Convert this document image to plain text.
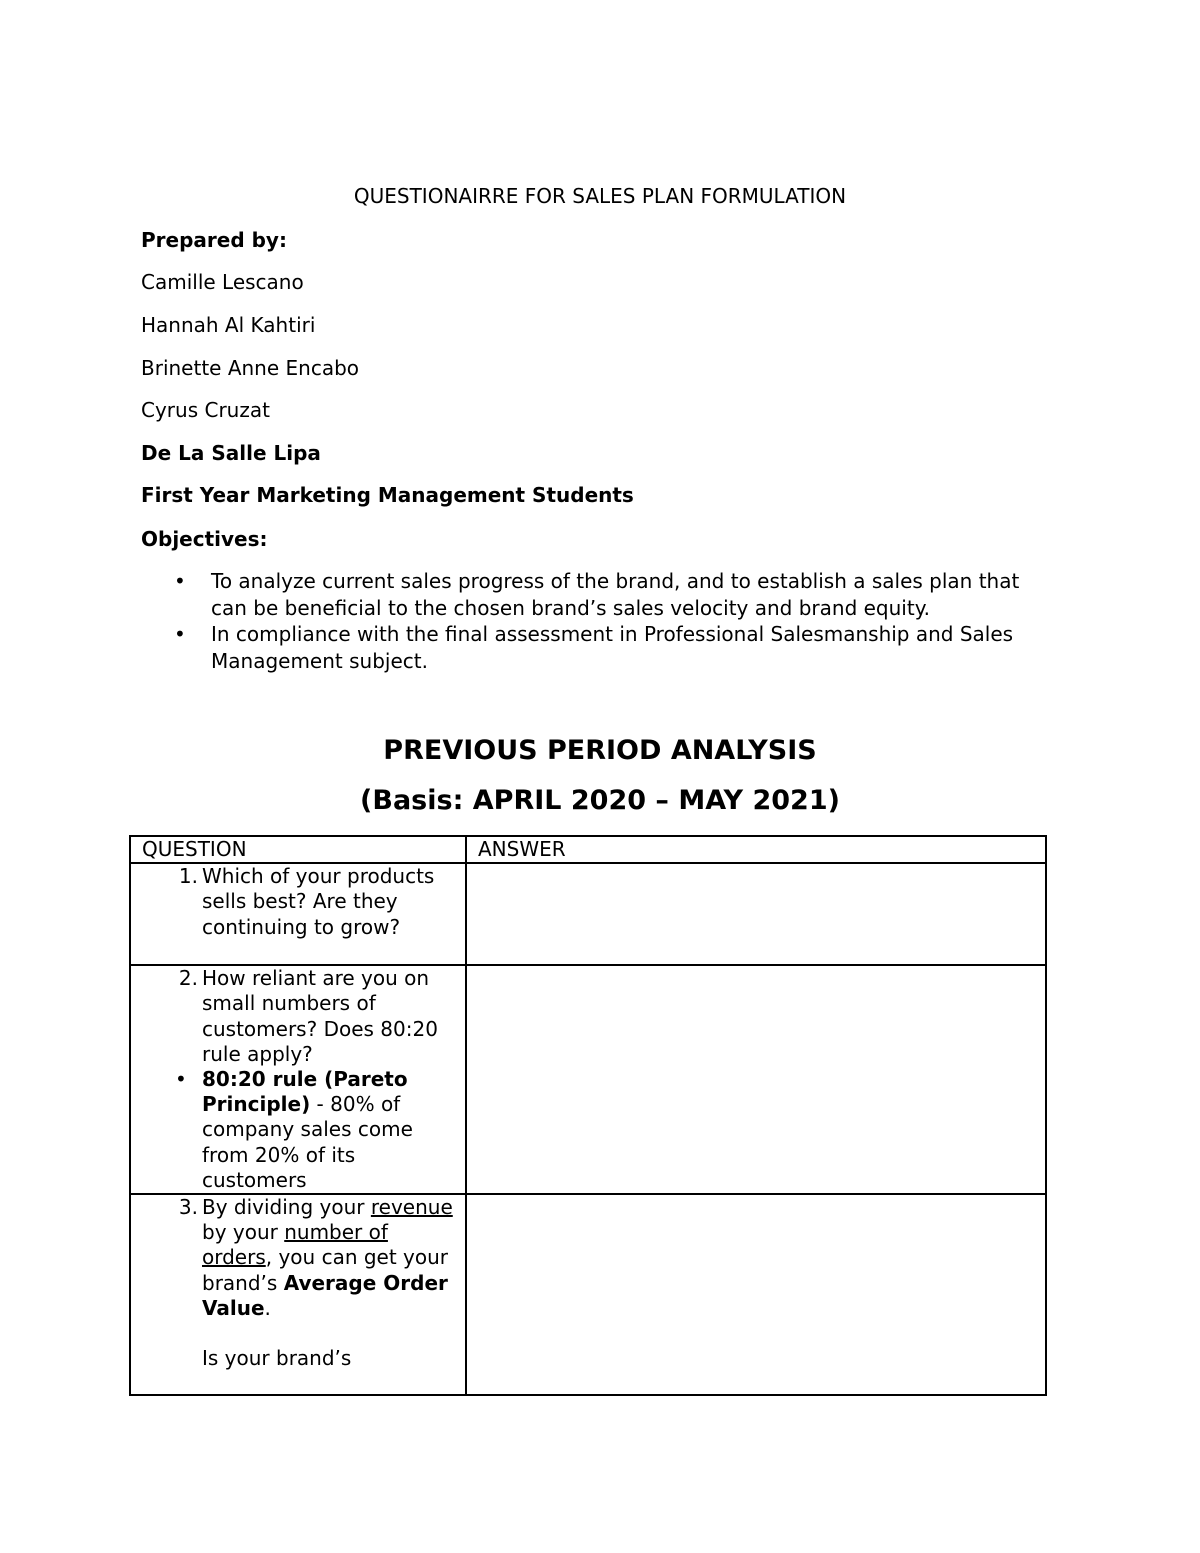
QUESTIONAIRRE FOR SALES PLAN FORMULATION
Prepared by:
Camille Lescano
Hannah Al Kahtiri
Brinette Anne Encabo
Cyrus Cruzat
De La Salle Lipa
First Year Marketing Management Students
Objectives:
• To analyze current sales progress of the brand, and to establish a sales plan that can be beneficial to the chosen brand’s sales velocity and brand equity.
• In compliance with the final assessment in Professional Salesmanship and Sales Management subject.
PREVIOUS PERIOD ANALYSIS
(Basis: APRIL 2020 – MAY 2021)
QUESTION	ANSWER

1. Which of your products sells best? Are they continuing to grow?	

2. How reliant are you on small numbers of customers? Does 80:20 rule apply?
• 80:20 rule (Pareto Principle) - 80% of company sales come from 20% of its customers	

3. By dividing your revenue by your number of orders, you can get your brand’s Average Order Value.
Is your brand’s	
